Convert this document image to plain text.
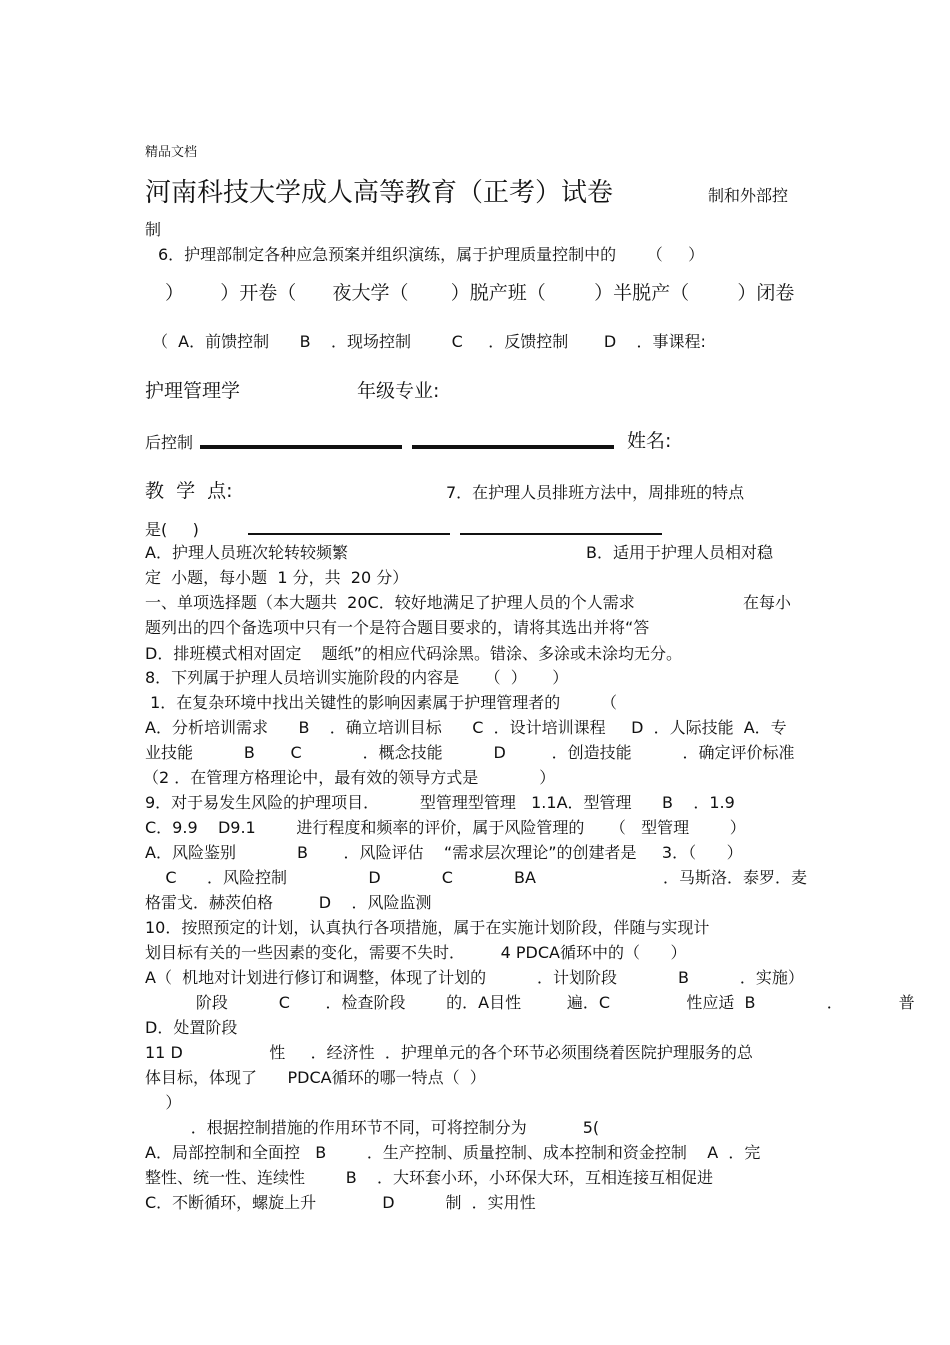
精品文档
河南科技大学成人高等教育（正考）试卷	制和外部控
制
6．护理部制定各种应急预案并组织演练，属于护理质量控制中的      （     ）
）      ）开卷（      夜大学（       ）脱产班（        ）半脱产（        ）闭卷
（  A．前馈控制      B    ．现场控制        C     ．反馈控制       D    ．事课程:
护理管理学	年级专业:
后控制	姓名:
教  学  点:	7．在护理人员排班方法中，周排班的特点
是(     )
A．护理人员班次轮转较频繁	B．适用于护理人员相对稳
定  小题，每小题  1 分，共  20 分）
一、单项选择题（本大题共  20C．较好地满足了护理人员的个人需求	在每小
题列出的四个备选项中只有一个是符合题目要求的，请将其选出并将“答
D．排班模式相对固定    题纸”的相应代码涂黑。错涂、多涂或未涂均无分。
8．下列属于护理人员培训实施阶段的内容是     （  ）     ）
1．在复杂环境中找出关键性的影响因素属于护理管理者的        （
A．分析培训需求      B    ．确立培训目标      C  ．设计培训课程     D  ．人际技能  A．专
业技能          B       C            ．概念技能          D         ．创造技能          ．确定评价标准
（2 ．在管理方格理论中，最有效的领导方式是            ）
9．对于易发生风险的护理项目．        型管理型管理   1.1A．型管理      B    ．1.9
C．9.9    D9.1        进行程度和频率的评价，属于风险管理的     （   型管理        ）
A．风险鉴别            B       ．风险评估    “需求层次理论”的创建者是     3．（      ）
C      ．风险控制                D            C            BA                         ．马斯洛．泰罗．麦
格雷戈．赫茨伯格         D    ．风险监测
10．按照预定的计划，认真执行各项措施，属于在实施计划阶段，伴随与实现计
划目标有关的一些因素的变化，需要不失时．       4 PDCA循环中的（      ）
A（  机地对计划进行修订和调整，体现了计划的          ．计划阶段            B          ．实施）
阶段          C       ．检查阶段        的．A目性         遍．C               性应适  B              ．           普
D．处置阶段
11 D                 性     ．经济性  ．护理单元的各个环节必须围绕着医院护理服务的总
体目标，体现了      PDCA循环的哪一特点（  ）
）
．根据控制措施的作用环节不同，可将控制分为           5(
A．局部控制和全面控   B        ．生产控制、质量控制、成本控制和资金控制    A  ．完
整性、统一性、连续性        B    ．大环套小环，小环保大环，互相连接互相促进
C．不断循环，螺旋上升             D          制  ．实用性
